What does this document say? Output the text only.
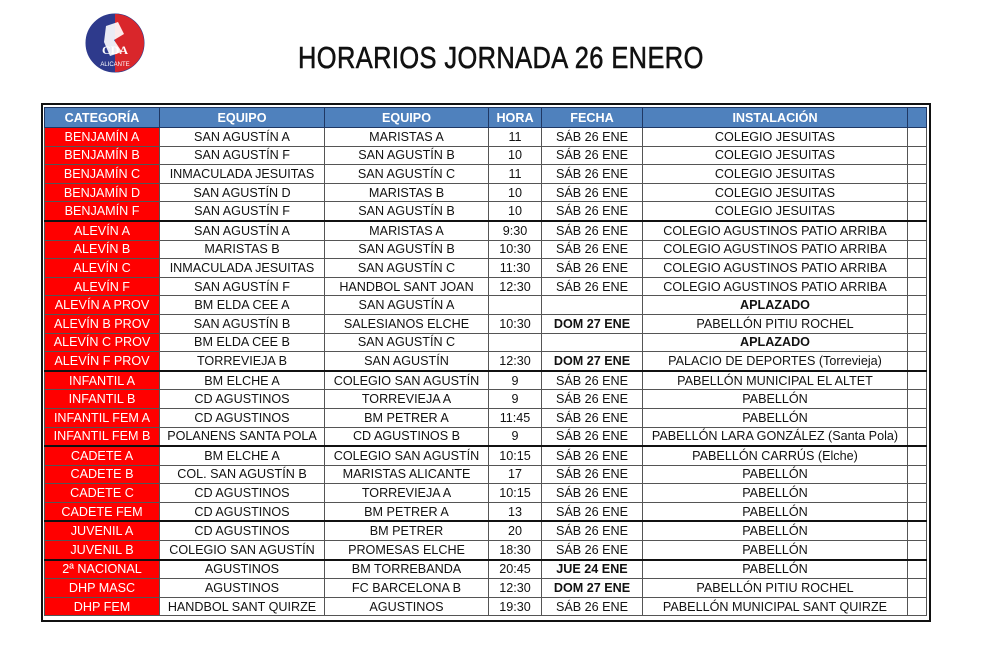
CDA
ALICANTE	HORARIOS JORNADA 26 ENERO
CATEGORÍA	EQUIPO	EQUIPO	HORA	FECHA	INSTALACIÓN	
BENJAMÍN A	SAN AGUSTÍN A	MARISTAS A	11	SÁB 26 ENE	COLEGIO JESUITAS	
BENJAMÍN B	SAN AGUSTÍN F	SAN AGUSTÍN B	10	SÁB 26 ENE	COLEGIO JESUITAS	
BENJAMÍN C	INMACULADA JESUITAS	SAN AGUSTÍN C	11	SÁB 26 ENE	COLEGIO JESUITAS	
BENJAMÍN D	SAN AGUSTÍN D	MARISTAS B	10	SÁB 26 ENE	COLEGIO JESUITAS	
BENJAMÍN F	SAN AGUSTÍN F	SAN AGUSTÍN B	10	SÁB 26 ENE	COLEGIO JESUITAS	
ALEVÍN A	SAN AGUSTÍN A	MARISTAS A	9:30	SÁB 26 ENE	COLEGIO AGUSTINOS PATIO ARRIBA	
ALEVÍN B	MARISTAS B	SAN AGUSTÍN B	10:30	SÁB 26 ENE	COLEGIO AGUSTINOS PATIO ARRIBA	
ALEVÍN C	INMACULADA JESUITAS	SAN AGUSTÍN C	11:30	SÁB 26 ENE	COLEGIO AGUSTINOS PATIO ARRIBA	
ALEVÍN F	SAN AGUSTÍN F	HANDBOL SANT JOAN	12:30	SÁB 26 ENE	COLEGIO AGUSTINOS PATIO ARRIBA	
ALEVÍN A PROV	BM ELDA CEE A	SAN AGUSTÍN A			APLAZADO	
ALEVÍN B PROV	SAN AGUSTÍN B	SALESIANOS ELCHE	10:30	DOM 27 ENE	PABELLÓN PITIU ROCHEL	
ALEVÍN C PROV	BM ELDA CEE B	SAN AGUSTÍN C			APLAZADO	
ALEVÍN F PROV	TORREVIEJA B	SAN AGUSTÍN	12:30	DOM 27 ENE	PALACIO DE DEPORTES (Torrevieja)	
INFANTIL A	BM ELCHE A	COLEGIO SAN AGUSTÍN	9	SÁB 26 ENE	PABELLÓN MUNICIPAL EL ALTET	
INFANTIL B	CD AGUSTINOS	TORREVIEJA A	9	SÁB 26 ENE	PABELLÓN	
INFANTIL FEM A	CD AGUSTINOS	BM PETRER A	11:45	SÁB 26 ENE	PABELLÓN	
INFANTIL FEM B	POLANENS SANTA POLA	CD AGUSTINOS B	9	SÁB 26 ENE	PABELLÓN LARA GONZÁLEZ (Santa Pola)	
CADETE A	BM ELCHE A	COLEGIO SAN AGUSTÍN	10:15	SÁB 26 ENE	PABELLÓN CARRÚS (Elche)	
CADETE B	COL. SAN AGUSTÍN B	MARISTAS ALICANTE	17	SÁB 26 ENE	PABELLÓN	
CADETE C	CD AGUSTINOS	TORREVIEJA A	10:15	SÁB 26 ENE	PABELLÓN	
CADETE FEM	CD AGUSTINOS	BM PETRER A	13	SÁB 26 ENE	PABELLÓN	
JUVENIL A	CD AGUSTINOS	BM PETRER	20	SÁB 26 ENE	PABELLÓN	
JUVENIL B	COLEGIO SAN AGUSTÍN	PROMESAS ELCHE	18:30	SÁB 26 ENE	PABELLÓN	
2ª NACIONAL	AGUSTINOS	BM TORREBANDA	20:45	JUE 24 ENE	PABELLÓN	
DHP MASC	AGUSTINOS	FC BARCELONA B	12:30	DOM 27 ENE	PABELLÓN PITIU ROCHEL	
DHP FEM	HANDBOL SANT QUIRZE	AGUSTINOS	19:30	SÁB 26 ENE	PABELLÓN MUNICIPAL SANT QUIRZE	
